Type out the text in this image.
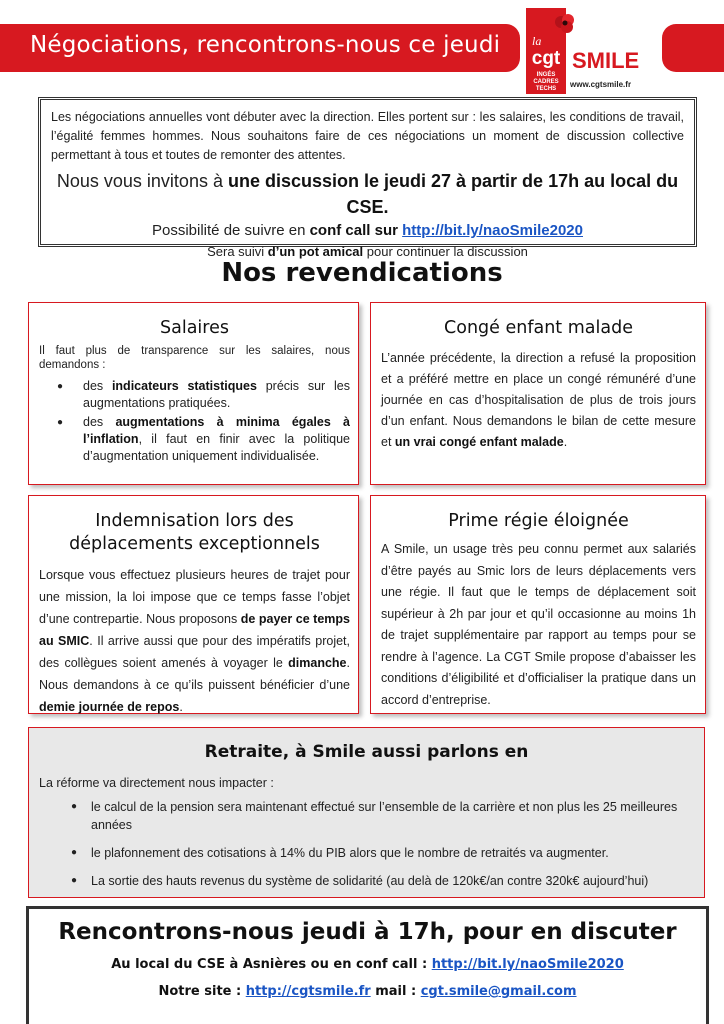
Négociations, rencontrons-nous ce jeudi	la
cgt
INGÉS CADRES TECHS
SMILE
www.cgtsmile.fr

Les négociations annuelles vont débuter avec la direction. Elles portent sur : les salaires, les conditions de travail, l’égalité femmes hommes. Nous souhaitons faire de ces négociations un moment de discussion collective permettant à tous et toutes de remonter des attentes.

Nous vous invitons à une discussion le jeudi 27 à partir de 17h au local du CSE.

Possibilité de suivre en conf call sur http://bit.ly/naoSmile2020

Sera suivi d’un pot amical pour continuer la discussion

Nos revendications
Salaires

Il faut plus de transparence sur les salaires, nous demandons :

● des indicateurs statistiques précis sur les augmentations pratiquées.
● des augmentations à minima égales à l’inflation, il faut en finir avec la politique d’augmentation uniquement individualisée.
Congé enfant malade

L’année précédente, la direction a refusé la proposition et a préféré mettre en place un congé rémunéré d’une journée en cas d’hospitalisation de plus de trois jours d’un enfant. Nous demandons le bilan de cette mesure et un vrai congé enfant malade.

Indemnisation lors des déplacements exceptionnels

Lorsque vous effectuez plusieurs heures de trajet pour une mission, la loi impose que ce temps fasse l’objet d’une contrepartie. Nous proposons de payer ce temps au SMIC. Il arrive aussi que pour des impératifs projet, des collègues soient amenés à voyager le dimanche. Nous demandons à ce qu’ils puissent bénéficier d’une demie journée de repos.

Prime régie éloignée

A Smile, un usage très peu connu permet aux salariés d’être payés au Smic lors de leurs déplacements vers une régie. Il faut que le temps de déplacement soit supérieur à 2h par jour et qu’il occasionne au moins 1h de trajet supplémentaire par rapport au temps pour se rendre à l’agence. La CGT Smile propose d’abaisser les conditions d’éligibilité et d’officialiser la pratique dans un accord d’entreprise.

Retraite, à Smile aussi parlons en

La réforme va directement nous impacter :

● le calcul de la pension sera maintenant effectué sur l’ensemble de la carrière et non plus les 25 meilleures années
● le plafonnement des cotisations à 14% du PIB alors que le nombre de retraités va augmenter.
● La sortie des hauts revenus du système de solidarité (au delà de 120k€/an contre 320k€ aujourd’hui)
Rencontrons-nous jeudi à 17h, pour en discuter

Au local du CSE à Asnières ou en conf call : http://bit.ly/naoSmile2020

Notre site : http://cgtsmile.fr mail : cgt.smile@gmail.com
